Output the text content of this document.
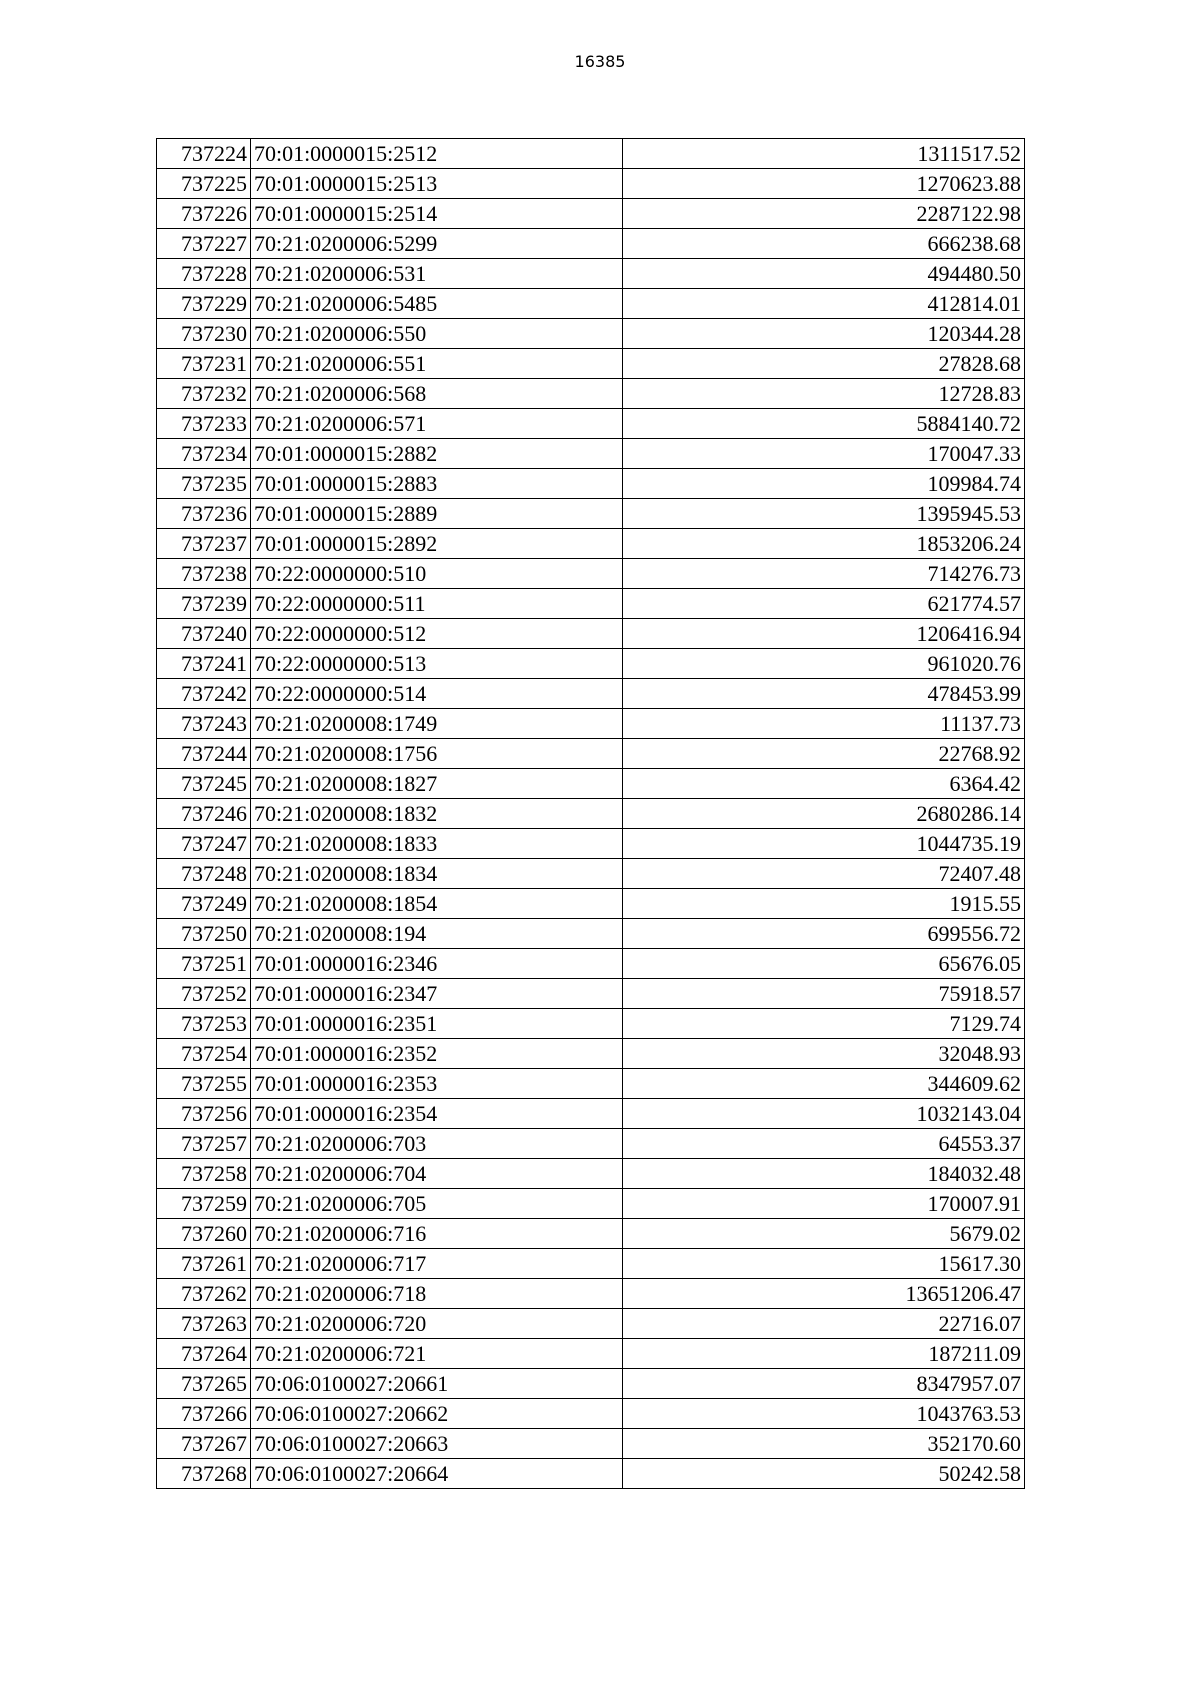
16385
737224	70:01:0000015:2512	1311517.52
737225	70:01:0000015:2513	1270623.88
737226	70:01:0000015:2514	2287122.98
737227	70:21:0200006:5299	666238.68
737228	70:21:0200006:531	494480.50
737229	70:21:0200006:5485	412814.01
737230	70:21:0200006:550	120344.28
737231	70:21:0200006:551	27828.68
737232	70:21:0200006:568	12728.83
737233	70:21:0200006:571	5884140.72
737234	70:01:0000015:2882	170047.33
737235	70:01:0000015:2883	109984.74
737236	70:01:0000015:2889	1395945.53
737237	70:01:0000015:2892	1853206.24
737238	70:22:0000000:510	714276.73
737239	70:22:0000000:511	621774.57
737240	70:22:0000000:512	1206416.94
737241	70:22:0000000:513	961020.76
737242	70:22:0000000:514	478453.99
737243	70:21:0200008:1749	11137.73
737244	70:21:0200008:1756	22768.92
737245	70:21:0200008:1827	6364.42
737246	70:21:0200008:1832	2680286.14
737247	70:21:0200008:1833	1044735.19
737248	70:21:0200008:1834	72407.48
737249	70:21:0200008:1854	1915.55
737250	70:21:0200008:194	699556.72
737251	70:01:0000016:2346	65676.05
737252	70:01:0000016:2347	75918.57
737253	70:01:0000016:2351	7129.74
737254	70:01:0000016:2352	32048.93
737255	70:01:0000016:2353	344609.62
737256	70:01:0000016:2354	1032143.04
737257	70:21:0200006:703	64553.37
737258	70:21:0200006:704	184032.48
737259	70:21:0200006:705	170007.91
737260	70:21:0200006:716	5679.02
737261	70:21:0200006:717	15617.30
737262	70:21:0200006:718	13651206.47
737263	70:21:0200006:720	22716.07
737264	70:21:0200006:721	187211.09
737265	70:06:0100027:20661	8347957.07
737266	70:06:0100027:20662	1043763.53
737267	70:06:0100027:20663	352170.60
737268	70:06:0100027:20664	50242.58
